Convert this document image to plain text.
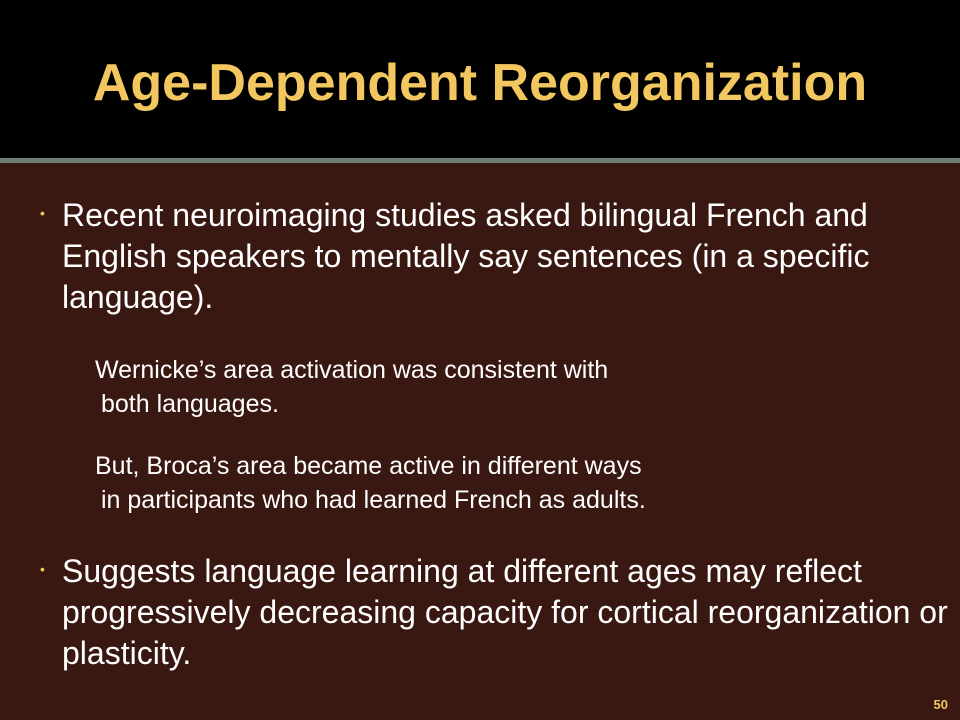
Age-Dependent Reorganization
• Recent neuroimaging studies asked bilingual French and English speakers to mentally say sentences (in a specific language).
Wernicke’s area activation was consistent with
both languages.
But, Broca’s area became active in different ways
in participants who had learned French as adults.
• Suggests language learning at different ages may reflect progressively decreasing capacity for cortical reorganization or plasticity.
50
